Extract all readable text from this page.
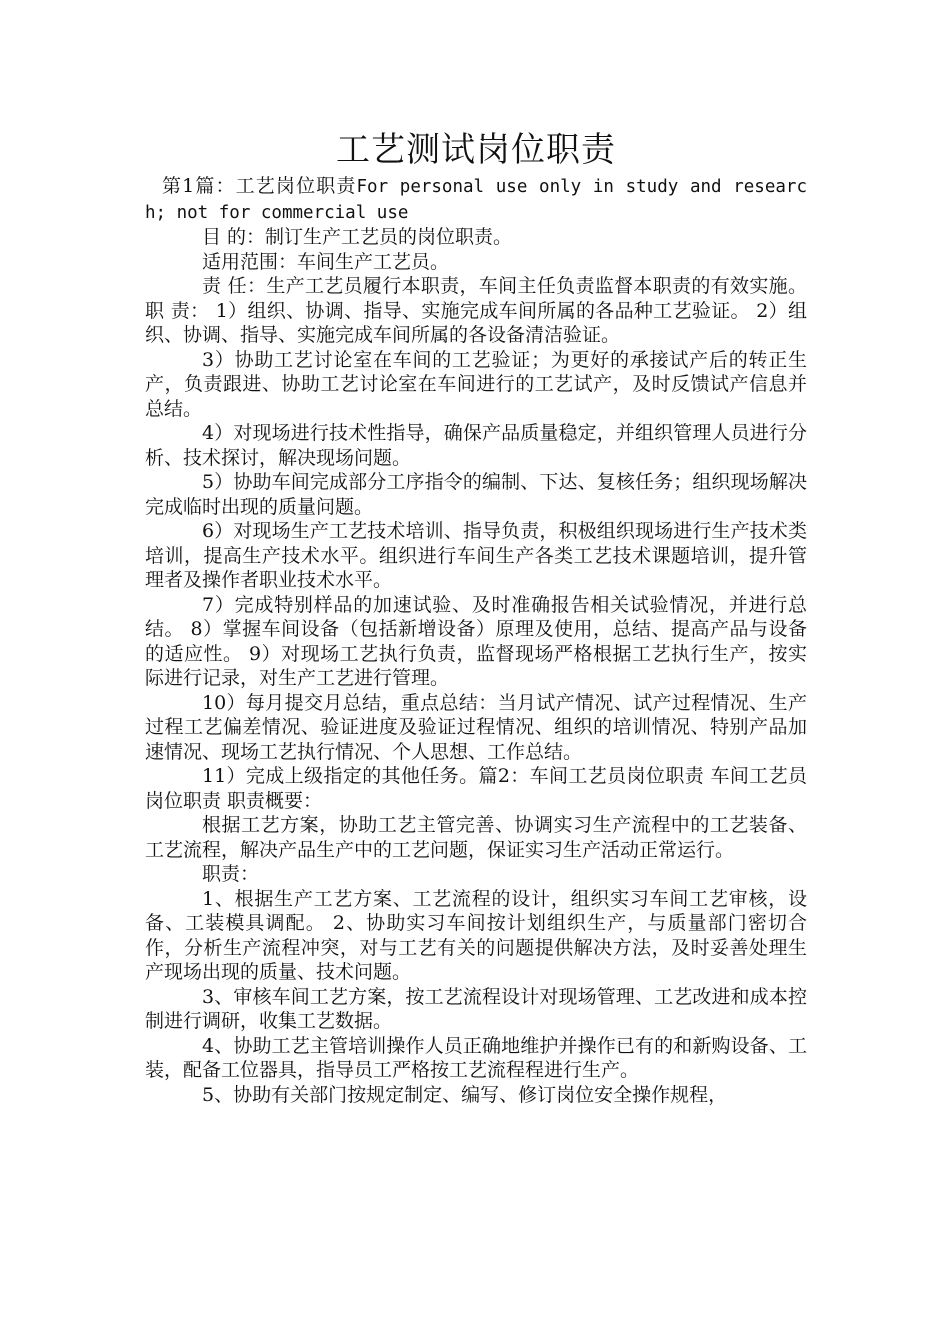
工艺测试岗位职责

第1篇：工艺岗位职责For personal use only in study and research; not for commercial use

目 的：制订生产工艺员的岗位职责。

适用范围：车间生产工艺员。

责 任：生产工艺员履行本职责，车间主任负责监督本职责的有效实施。 职 责： 1）组织、协调、指导、实施完成车间所属的各品种工艺验证。 2）组织、协调、指导、实施完成车间所属的各设备清洁验证。

3）协助工艺讨论室在车间的工艺验证；为更好的承接试产后的转正生产，负责跟进、协助工艺讨论室在车间进行的工艺试产，及时反馈试产信息并总结。

4）对现场进行技术性指导，确保产品质量稳定，并组织管理人员进行分析、技术探讨，解决现场问题。

5）协助车间完成部分工序指令的编制、下达、复核任务；组织现场解决完成临时出现的质量问题。

6）对现场生产工艺技术培训、指导负责，积极组织现场进行生产技术类培训，提高生产技术水平。组织进行车间生产各类工艺技术课题培训，提升管理者及操作者职业技术水平。

7）完成特别样品的加速试验、及时准确报告相关试验情况，并进行总结。 8）掌握车间设备（包括新增设备）原理及使用，总结、提高产品与设备的适应性。 9）对现场工艺执行负责，监督现场严格根据工艺执行生产，按实际进行记录，对生产工艺进行管理。

10）每月提交月总结，重点总结：当月试产情况、试产过程情况、生产过程工艺偏差情况、验证进度及验证过程情况、组织的培训情况、特别产品加速情况、现场工艺执行情况、个人思想、工作总结。

11）完成上级指定的其他任务。篇2：车间工艺员岗位职责 车间工艺员岗位职责 职责概要：

根据工艺方案，协助工艺主管完善、协调实习生产流程中的工艺装备、工艺流程，解决产品生产中的工艺问题，保证实习生产活动正常运行。

职责：

1、根据生产工艺方案、工艺流程的设计，组织实习车间工艺审核，设备、工装模具调配。 2、协助实习车间按计划组织生产，与质量部门密切合作，分析生产流程冲突，对与工艺有关的问题提供解决方法，及时妥善处理生产现场出现的质量、技术问题。

3、审核车间工艺方案，按工艺流程设计对现场管理、工艺改进和成本控制进行调研，收集工艺数据。

4、协助工艺主管培训操作人员正确地维护并操作已有的和新购设备、工装，配备工位器具，指导员工严格按工艺流程程进行生产。

5、协助有关部门按规定制定、编写、修订岗位安全操作规程，
